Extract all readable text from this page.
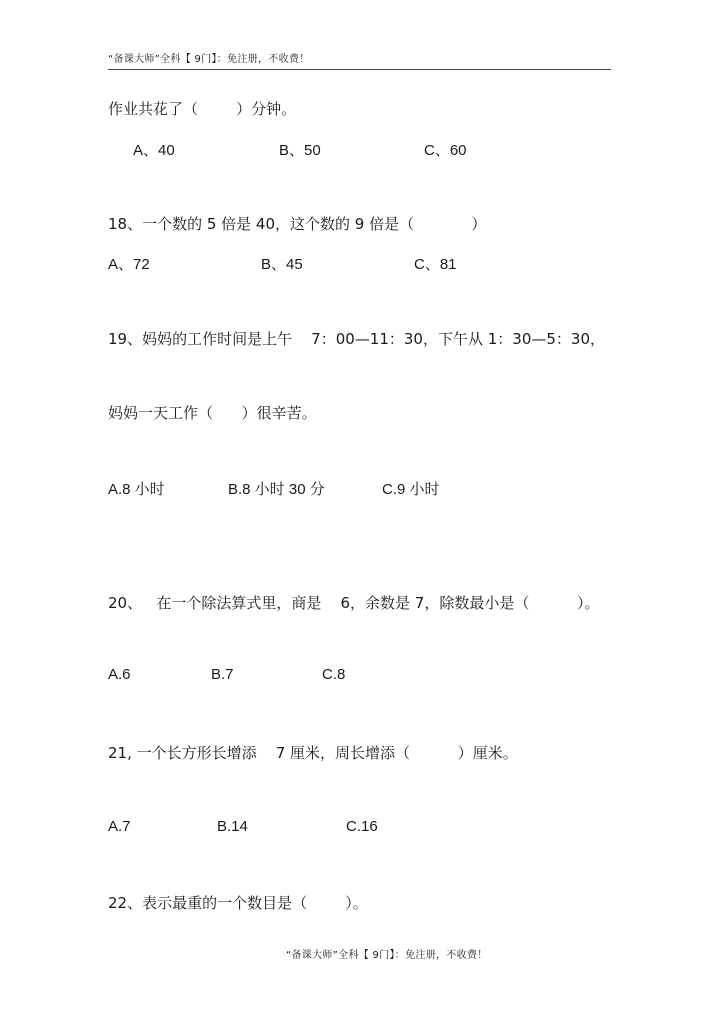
“备课大师”全科【 9门】：免注册，不收费！
作业共花了（        ）分钟。
A、40	B、50	C、60
18、一个数的 5 倍是 40，这个数的 9 倍是（            ）
A、72	B、45	C、81
19、妈妈的工作时间是上午    7：00—11：30，下午从 1：30—5：30，
妈妈一天工作（      ）很辛苦。
A.8 小时	B.8 小时 30 分	C.9 小时
20、   在一个除法算式里，商是    6，余数是 7，除数最小是（          ）。
A.6	B.7	C.8
21, 一个长方形长增添    7 厘米，周长增添（          ）厘米。
A.7	B.14	C.16
22、表示最重的一个数目是（        ）。
“备课大师”全科【 9门】：免注册，不收费！
